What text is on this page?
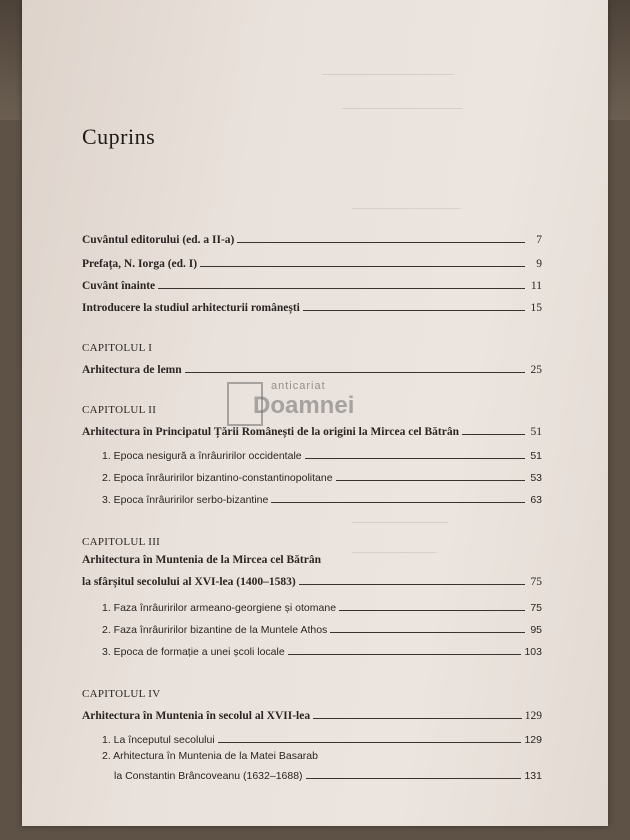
──────────────────────
────────────────────
──────────────────
────────────────
──────────────
Cuprins
Cuvântul editorului (ed. a II-a)	7
Prefața, N. Iorga (ed. I)	9
Cuvânt înainte	11
Introducere la studiul arhitecturii românești	15
CAPITOLUL I
Arhitectura de lemn	25
CAPITOLUL II
Arhitectura în Principatul Țării Românești de la origini la Mircea cel Bătrân	51
1. Epoca nesigură a înrâuririlor occidentale	51
2. Epoca înrâuririlor bizantino-constantinopolitane	53
3. Epoca înrâuririlor serbo-bizantine	63
CAPITOLUL III
Arhitectura în Muntenia de la Mircea cel Bătrân
la sfârșitul secolului al XVI-lea (1400–1583)	75
1. Faza înrâuririlor armeano-georgiene și otomane	75
2. Faza înrâuririlor bizantine de la Muntele Athos	95
3. Epoca de formație a unei școli locale	103
CAPITOLUL IV
Arhitectura în Muntenia în secolul al XVII-lea	129
1. La începutul secolului	129
2. Arhitectura în Muntenia de la Matei Basarab
la Constantin Brâncoveanu (1632–1688)	131
anticariat
Doamnei
